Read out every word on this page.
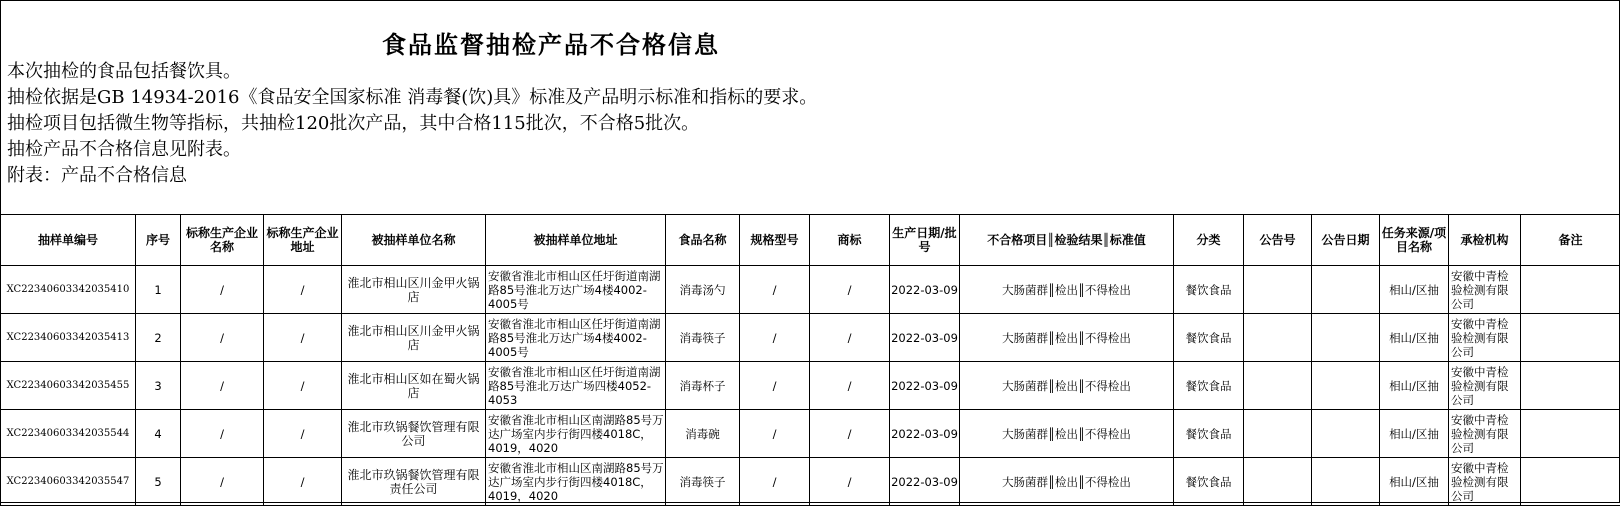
食品监督抽检产品不合格信息
本次抽检的食品包括餐饮具。
抽检依据是GB 14934-2016《食品安全国家标准 消毒餐(饮)具》标准及产品明示标准和指标的要求。
抽检项目包括微生物等指标，共抽检120批次产品，其中合格115批次，不合格5批次。
抽检产品不合格信息见附表。
附表：产品不合格信息
抽样单编号	序号	标称生产企业名称	标称生产企业地址	被抽样单位名称	被抽样单位地址	食品名称	规格型号	商标	生产日期/批号	不合格项目║检验结果║标准值	分类	公告号	公告日期	任务来源/项目名称	承检机构	备注
XC22340603342035410	1	/	/	淮北市相山区川金甲火锅店	安徽省淮北市相山区任圩街道南湖路85号淮北万达广场4楼4002-4005号	消毒汤勺	/	/	2022-03-09	大肠菌群║检出║不得检出	餐饮食品			相山/区抽	安徽中青检验检测有限公司	
XC22340603342035413	2	/	/	淮北市相山区川金甲火锅店	安徽省淮北市相山区任圩街道南湖路85号淮北万达广场4楼4002-4005号	消毒筷子	/	/	2022-03-09	大肠菌群║检出║不得检出	餐饮食品			相山/区抽	安徽中青检验检测有限公司	
XC22340603342035455	3	/	/	淮北市相山区如在蜀火锅店	安徽省淮北市相山区任圩街道南湖路85号淮北万达广场四楼4052-4053	消毒杯子	/	/	2022-03-09	大肠菌群║检出║不得检出	餐饮食品			相山/区抽	安徽中青检验检测有限公司	
XC22340603342035544	4	/	/	淮北市玖锅餐饮管理有限公司	安徽省淮北市相山区南湖路85号万达广场室内步行街四楼4018C，4019，4020	消毒碗	/	/	2022-03-09	大肠菌群║检出║不得检出	餐饮食品			相山/区抽	安徽中青检验检测有限公司	
XC22340603342035547	5	/	/	淮北市玖锅餐饮管理有限责任公司	安徽省淮北市相山区南湖路85号万达广场室内步行街四楼4018C，4019，4020	消毒筷子	/	/	2022-03-09	大肠菌群║检出║不得检出	餐饮食品			相山/区抽	安徽中青检验检测有限公司	
